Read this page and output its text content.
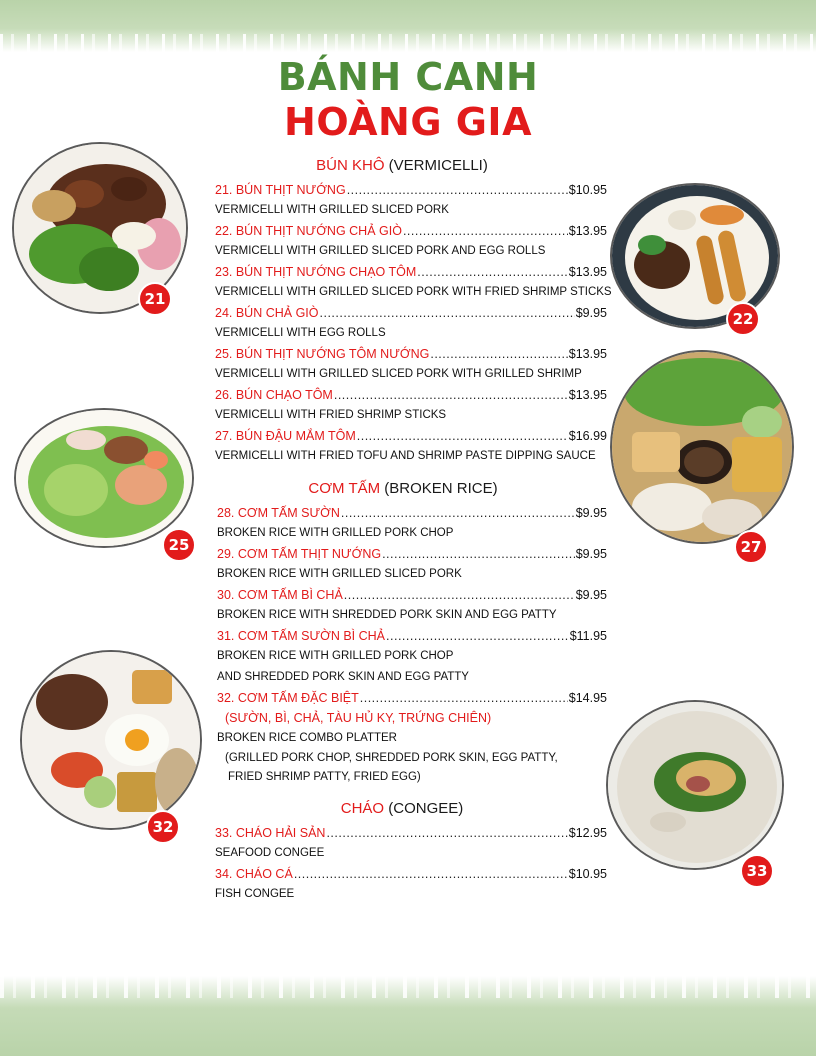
BÁNH CANH
HOÀNG GIA
BÚN KHÔ (VERMICELLI)
21. BÚN THỊT NƯỚNG .....	$10.95
VERMICELLI WITH GRILLED SLICED PORK
22. BÚN THỊT NƯỚNG CHẢ GIÒ .....	$13.95
VERMICELLI WITH GRILLED SLICED PORK AND EGG ROLLS
23. BÚN THỊT NƯỚNG CHẠO TÔM .....	$13.95
VERMICELLI WITH GRILLED SLICED PORK WITH FRIED SHRIMP STICKS
24. BÚN CHẢ GIÒ .....	$9.95
VERMICELLI WITH EGG ROLLS
25. BÚN THỊT NƯỚNG TÔM NƯỚNG .....	$13.95
VERMICELLI WITH GRILLED SLICED PORK WITH GRILLED SHRIMP
26. BÚN CHẠO TÔM .....	$13.95
VERMICELLI WITH FRIED SHRIMP STICKS
27. BÚN ĐẬU MẮM TÔM .....	$16.99
VERMICELLI WITH FRIED TOFU AND SHRIMP PASTE DIPPING SAUCE
CƠM TẤM (BROKEN RICE)
28. CƠM TẤM SƯỜN .....	$9.95
BROKEN RICE WITH GRILLED PORK CHOP
29. CƠM TẤM THỊT NƯỚNG .....	$9.95
BROKEN RICE WITH GRILLED SLICED PORK
30. CƠM TẤM BÌ CHẢ .....	$9.95
BROKEN RICE WITH SHREDDED PORK SKIN AND EGG PATTY
31. CƠM TẤM SƯỜN BÌ CHẢ .....	$11.95
BROKEN RICE WITH GRILLED PORK CHOP
AND SHREDDED PORK SKIN AND EGG PATTY
32. CƠM TẤM ĐẶC BIỆT .....	$14.95
(SƯỜN, BÌ, CHẢ, TÀU HỦ KY, TRỨNG CHIÊN)
BROKEN RICE COMBO PLATTER
(GRILLED PORK CHOP, SHREDDED PORK SKIN, EGG PATTY,
FRIED SHRIMP PATTY, FRIED EGG)
CHÁO (CONGEE)
33. CHÁO HẢI SẢN .....	$12.95
SEAFOOD CONGEE
34. CHÁO CÁ .....	$10.95
FISH CONGEE
21
22
25	27
32
33
